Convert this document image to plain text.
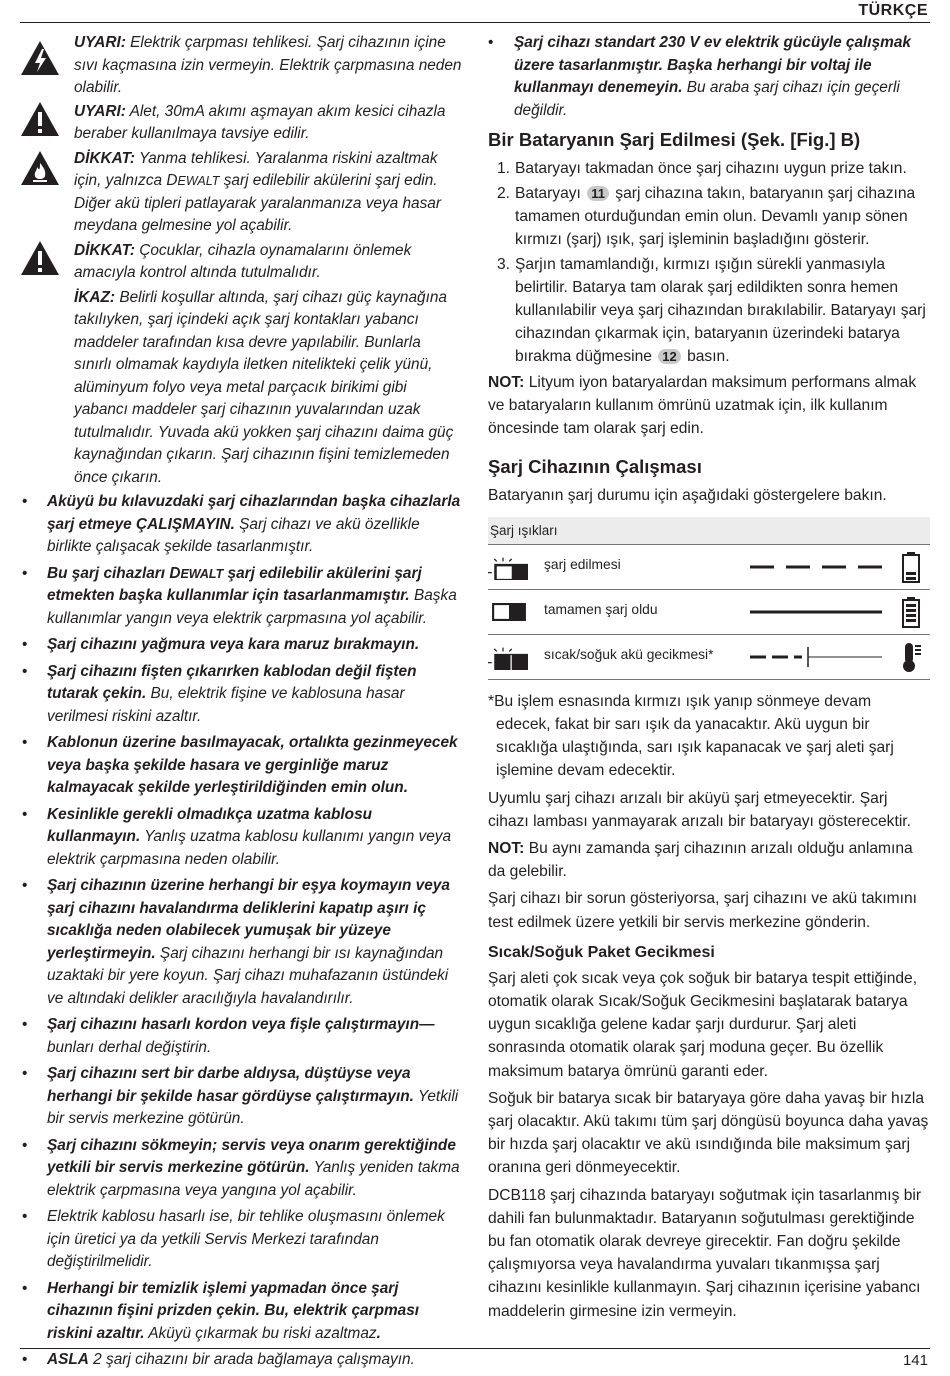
TÜRKÇE
UYARI: Elektrik çarpması tehlikesi. Şarj cihazının içine sıvı kaçmasına izin vermeyin. Elektrik çarpmasına neden olabilir.
UYARI: Alet, 30mA akımı aşmayan akım kesici cihazla beraber kullanılmaya tavsiye edilir.
DİKKAT: Yanma tehlikesi. Yaralanma riskini azaltmak için, yalnızca DEWALT şarj edilebilir akülerini şarj edin. Diğer akü tipleri patlayarak yaralanmanıza veya hasar meydana gelmesine yol açabilir.
DİKKAT: Çocuklar, cihazla oynamalarını önlemek amacıyla kontrol altında tutulmalıdır.
İKAZ: Belirli koşullar altında, şarj cihazı güç kaynağına takılıyken, şarj içindeki açık şarj kontakları yabancı maddeler tarafından kısa devre yapılabilir. Bunlarla sınırlı olmamak kaydıyla iletken nitelikteki çelik yünü, alüminyum folyo veya metal parçacık birikimi gibi yabancı maddeler şarj cihazının yuvalarından uzak tutulmalıdır. Yuvada akü yokken şarj cihazını daima güç kaynağından çıkarın. Şarj cihazının fişini temizlemeden önce çıkarın.
• Aküyü bu kılavuzdaki şarj cihazlarından başka cihazlarla şarj etmeye ÇALIŞMAYIN. Şarj cihazı ve akü özellikle birlikte çalışacak şekilde tasarlanmıştır.
• Bu şarj cihazları DEWALT şarj edilebilir akülerini şarj etmekten başka kullanımlar için tasarlanmamıştır. Başka kullanımlar yangın veya elektrik çarpmasına yol açabilir.
• Şarj cihazını yağmura veya kara maruz bırakmayın.
• Şarj cihazını fişten çıkarırken kablodan değil fişten tutarak çekin. Bu, elektrik fişine ve kablosuna hasar verilmesi riskini azaltır.
• Kablonun üzerine basılmayacak, ortalıkta gezinmeyecek veya başka şekilde hasara ve gerginliğe maruz kalmayacak şekilde yerleştirildiğinden emin olun.
• Kesinlikle gerekli olmadıkça uzatma kablosu kullanmayın. Yanlış uzatma kablosu kullanımı yangın veya elektrik çarpmasına neden olabilir.
• Şarj cihazının üzerine herhangi bir eşya koymayın veya şarj cihazını havalandırma deliklerini kapatıp aşırı iç sıcaklığa neden olabilecek yumuşak bir yüzeye yerleştirmeyin. Şarj cihazını herhangi bir ısı kaynağından uzaktaki bir yere koyun. Şarj cihazı muhafazanın üstündeki ve altındaki delikler aracılığıyla havalandırılır.
• Şarj cihazını hasarlı kordon veya fişle çalıştırmayın— bunları derhal değiştirin.
• Şarj cihazını sert bir darbe aldıysa, düştüyse veya herhangi bir şekilde hasar gördüyse çalıştırmayın. Yetkili bir servis merkezine götürün.
• Şarj cihazını sökmeyin; servis veya onarım gerektiğinde yetkili bir servis merkezine götürün. Yanlış yeniden takma elektrik çarpmasına veya yangına yol açabilir.
• Elektrik kablosu hasarlı ise, bir tehlike oluşmasını önlemek için üretici ya da yetkili Servis Merkezi tarafından değiştirilmelidir.
• Herhangi bir temizlik işlemi yapmadan önce şarj cihazının fişini prizden çekin. Bu, elektrik çarpması riskini azaltır. Aküyü çıkarmak bu riski azaltmaz.
• ASLA 2 şarj cihazını bir arada bağlamaya çalışmayın.
• Şarj cihazı standart 230 V ev elektrik gücüyle çalışmak üzere tasarlanmıştır. Başka herhangi bir voltaj ile kullanmayı denemeyin. Bu araba şarj cihazı için geçerli değildir.
Bir Bataryanın Şarj Edilmesi (Şek. [Fig.] B)
1. Bataryayı takmadan önce şarj cihazını uygun prize takın.
2. Bataryayı 11 şarj cihazına takın, bataryanın şarj cihazına tamamen oturduğundan emin olun. Devamlı yanıp sönen kırmızı (şarj) ışık, şarj işleminin başladığını gösterir.
3. Şarjın tamamlandığı, kırmızı ışığın sürekli yanmasıyla belirtilir. Batarya tam olarak şarj edildikten sonra hemen kullanılabilir veya şarj cihazından bırakılabilir. Bataryayı şarj cihazından çıkarmak için, bataryanın üzerindeki batarya bırakma düğmesine 12 basın.

NOT: Lityum iyon bataryalardan maksimum performans almak ve bataryaların kullanım ömrünü uzatmak için, ilk kullanım öncesinde tam olarak şarj edin.

Şarj Cihazının Çalışması

Bataryanın şarj durumu için aşağıdaki göstergelere bakın.

Şarj ışıkları
şarj edilmesi
tamamen şarj oldu
sıcak/soğuk akü gecikmesi*

*Bu işlem esnasında kırmızı ışık yanıp sönmeye devam edecek, fakat bir sarı ışık da yanacaktır. Akü uygun bir sıcaklığa ulaştığında, sarı ışık kapanacak ve şarj aleti şarj işlemine devam edecektir.

Uyumlu şarj cihazı arızalı bir aküyü şarj etmeyecektir. Şarj cihazı lambası yanmayarak arızalı bir bataryayı gösterecektir.

NOT: Bu aynı zamanda şarj cihazının arızalı olduğu anlamına da gelebilir.

Şarj cihazı bir sorun gösteriyorsa, şarj cihazını ve akü takımını test edilmek üzere yetkili bir servis merkezine gönderin.

Sıcak/Soğuk Paket Gecikmesi

Şarj aleti çok sıcak veya çok soğuk bir batarya tespit ettiğinde, otomatik olarak Sıcak/Soğuk Gecikmesini başlatarak batarya uygun sıcaklığa gelene kadar şarjı durdurur. Şarj aleti sonrasında otomatik olarak şarj moduna geçer. Bu özellik maksimum batarya ömrünü garanti eder.

Soğuk bir batarya sıcak bir bataryaya göre daha yavaş bir hızla şarj olacaktır. Akü takımı tüm şarj döngüsü boyunca daha yavaş bir hızda şarj olacaktır ve akü ısındığında bile maksimum şarj oranına geri dönmeyecektir.

DCB118 şarj cihazında bataryayı soğutmak için tasarlanmış bir dahili fan bulunmaktadır. Bataryanın soğutulması gerektiğinde bu fan otomatik olarak devreye girecektir. Fan doğru şekilde çalışmıyorsa veya havalandırma yuvaları tıkanmışsa şarj cihazını kesinlikle kullanmayın. Şarj cihazının içerisine yabancı maddelerin girmesine izin vermeyin.

141
